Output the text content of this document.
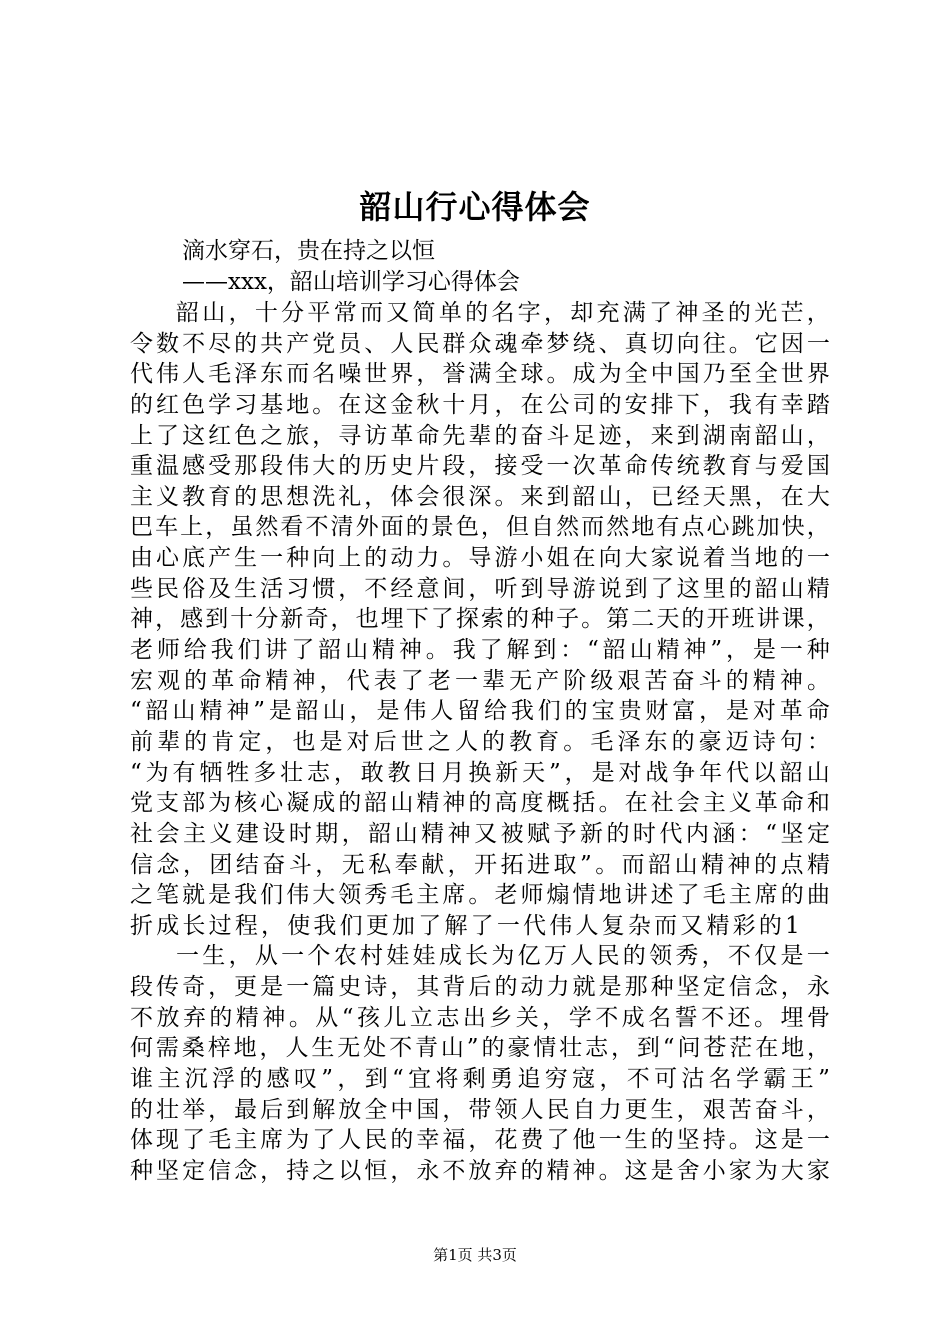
韶山行心得体会
滴水穿石，贵在持之以恒
——xxx，韶山培训学习心得体会
韶 山 ， 十 分 平 常 而 又 简 单 的 名 字 ， 却 充 满 了 神 圣 的 光 芒 ，
令 数 不 尽 的 共 产 党 员 、 人 民 群 众 魂 牵 梦 绕 、 真 切 向 往 。 它 因 一
代 伟 人 毛 泽 东 而 名 噪 世 界 ， 誉 满 全 球 。 成 为 全 中 国 乃 至 全 世 界
的 红 色 学 习 基 地 。 在 这 金 秋 十 月 ， 在 公 司 的 安 排 下 ， 我 有 幸 踏
上 了 这 红 色 之 旅 ， 寻 访 革 命 先 辈 的 奋 斗 足 迹 ， 来 到 湖 南 韶 山 ，
重 温 感 受 那 段 伟 大 的 历 史 片 段 ， 接 受 一 次 革 命 传 统 教 育 与 爱 国
主 义 教 育 的 思 想 洗 礼 ， 体 会 很 深 。 来 到 韶 山 ， 已 经 天 黑 ， 在 大
巴 车 上 ， 虽 然 看 不 清 外 面 的 景 色 ， 但 自 然 而 然 地 有 点 心 跳 加 快 ，
由 心 底 产 生 一 种 向 上 的 动 力 。 导 游 小 姐 在 向 大 家 说 着 当 地 的 一
些 民 俗 及 生 活 习 惯 ， 不 经 意 间 ， 听 到 导 游 说 到 了 这 里 的 韶 山 精
神 ， 感 到 十 分 新 奇 ， 也 埋 下 了 探 索 的 种 子 。 第 二 天 的 开 班 讲 课 ，
老 师 给 我 们 讲 了 韶 山 精 神 。 我 了 解 到 ： “ 韶 山 精 神 ” ， 是 一 种
宏 观 的 革 命 精 神 ， 代 表 了 老 一 辈 无 产 阶 级 艰 苦 奋 斗 的 精 神 。
“ 韶 山 精 神 ” 是 韶 山 ， 是 伟 人 留 给 我 们 的 宝 贵 财 富 ， 是 对 革 命
前 辈 的 肯 定 ， 也 是 对 后 世 之 人 的 教 育 。 毛 泽 东 的 豪 迈 诗 句 ：
“ 为 有 牺 牲 多 壮 志 ， 敢 教 日 月 换 新 天 ” ， 是 对 战 争 年 代 以 韶 山
党 支 部 为 核 心 凝 成 的 韶 山 精 神 的 高 度 概 括 。 在 社 会 主 义 革 命 和
社 会 主 义 建 设 时 期 ， 韶 山 精 神 又 被 赋 予 新 的 时 代 内 涵 ： “ 坚 定
信 念 ， 团 结 奋 斗 ， 无 私 奉 献 ， 开 拓 进 取 ” 。 而 韶 山 精 神 的 点 精
之 笔 就 是 我 们 伟 大 领 秀 毛 主 席 。 老 师 煽 情 地 讲 述 了 毛 主 席 的 曲
折 成 长 过 程 ， 使 我 们 更 加 了 解 了 一 代 伟 人 复 杂 而 又 精 彩 的 1
一 生 ， 从 一 个 农 村 娃 娃 成 长 为 亿 万 人 民 的 领 秀 ， 不 仅 是 一
段 传 奇 ， 更 是 一 篇 史 诗 ， 其 背 后 的 动 力 就 是 那 种 坚 定 信 念 ， 永
不 放 弃 的 精 神 。 从 “ 孩 儿 立 志 出 乡 关 ， 学 不 成 名 誓 不 还 。 埋 骨
何 需 桑 梓 地 ， 人 生 无 处 不 青 山 ” 的 豪 情 壮 志 ， 到 “ 问 苍 茫 在 地 ，
谁 主 沉 浮 的 感 叹 ” ， 到 “ 宜 将 剩 勇 追 穷 寇 ， 不 可 沽 名 学 霸 王 ”
的 壮 举 ， 最 后 到 解 放 全 中 国 ， 带 领 人 民 自 力 更 生 ， 艰 苦 奋 斗 ，
体 现 了 毛 主 席 为 了 人 民 的 幸 福 ， 花 费 了 他 一 生 的 坚 持 。 这 是 一
种 坚 定 信 念 ， 持 之 以 恒 ， 永 不 放 弃 的 精 神 。 这 是 舍 小 家 为 大 家
第1页 共3页
